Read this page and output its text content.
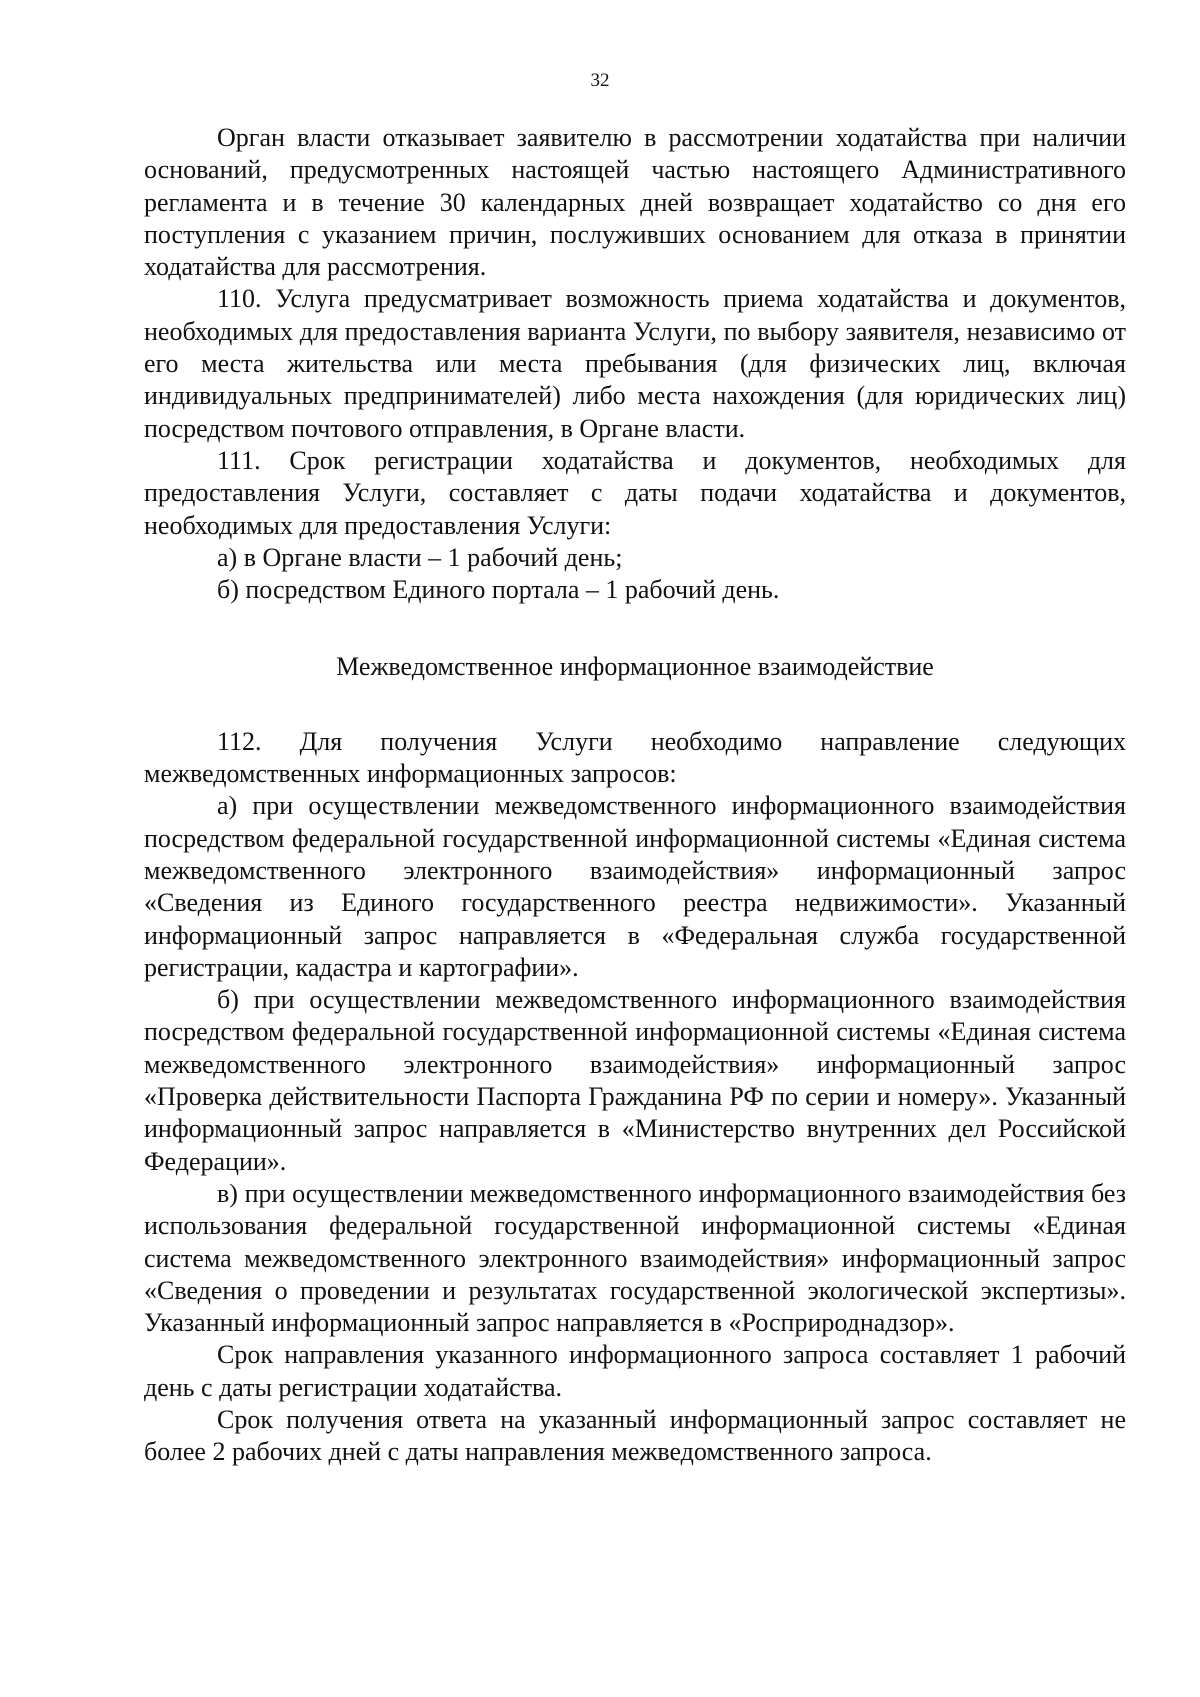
32

Орган власти отказывает заявителю в рассмотрении ходатайства при наличии оснований, предусмотренных настоящей частью настоящего Административного регламента и в течение 30 календарных дней возвращает ходатайство со дня его поступления с указанием причин, послуживших основанием для отказа в принятии ходатайства для рассмотрения.

110. Услуга предусматривает возможность приема ходатайства и документов, необходимых для предоставления варианта Услуги, по выбору заявителя, независимо от его места жительства или места пребывания (для физических лиц, включая индивидуальных предпринимателей) либо места нахождения (для юридических лиц) посредством почтового отправления, в Органе власти.

111. Срок регистрации ходатайства и документов, необходимых для предоставления Услуги, составляет с даты подачи ходатайства и документов, необходимых для предоставления Услуги:

а) в Органе власти – 1 рабочий день;

б) посредством Единого портала – 1 рабочий день.

Межведомственное информационное взаимодействие

112. Для получения Услуги необходимо направление следующих межведомственных информационных запросов:

а) при осуществлении межведомственного информационного взаимодействия посредством федеральной государственной информационной системы «Единая система межведомственного электронного взаимодействия» информационный запрос «Сведения из Единого государственного реестра недвижимости». Указанный информационный запрос направляется в «Федеральная служба государственной регистрации, кадастра и картографии».

б) при осуществлении межведомственного информационного взаимодействия посредством федеральной государственной информационной системы «Единая система межведомственного электронного взаимодействия» информационный запрос «Проверка действительности Паспорта Гражданина РФ по серии и номеру». Указанный информационный запрос направляется в «Министерство внутренних дел Российской Федерации».

в) при осуществлении межведомственного информационного взаимодействия без использования федеральной государственной информационной системы «Единая система межведомственного электронного взаимодействия» информационный запрос «Сведения о проведении и результатах государственной экологической экспертизы». Указанный информационный запрос направляется в «Росприроднадзор».

Срок направления указанного информационного запроса составляет 1 рабочий день с даты регистрации ходатайства.

Срок получения ответа на указанный информационный запрос составляет не более 2 рабочих дней с даты направления межведомственного запроса.
